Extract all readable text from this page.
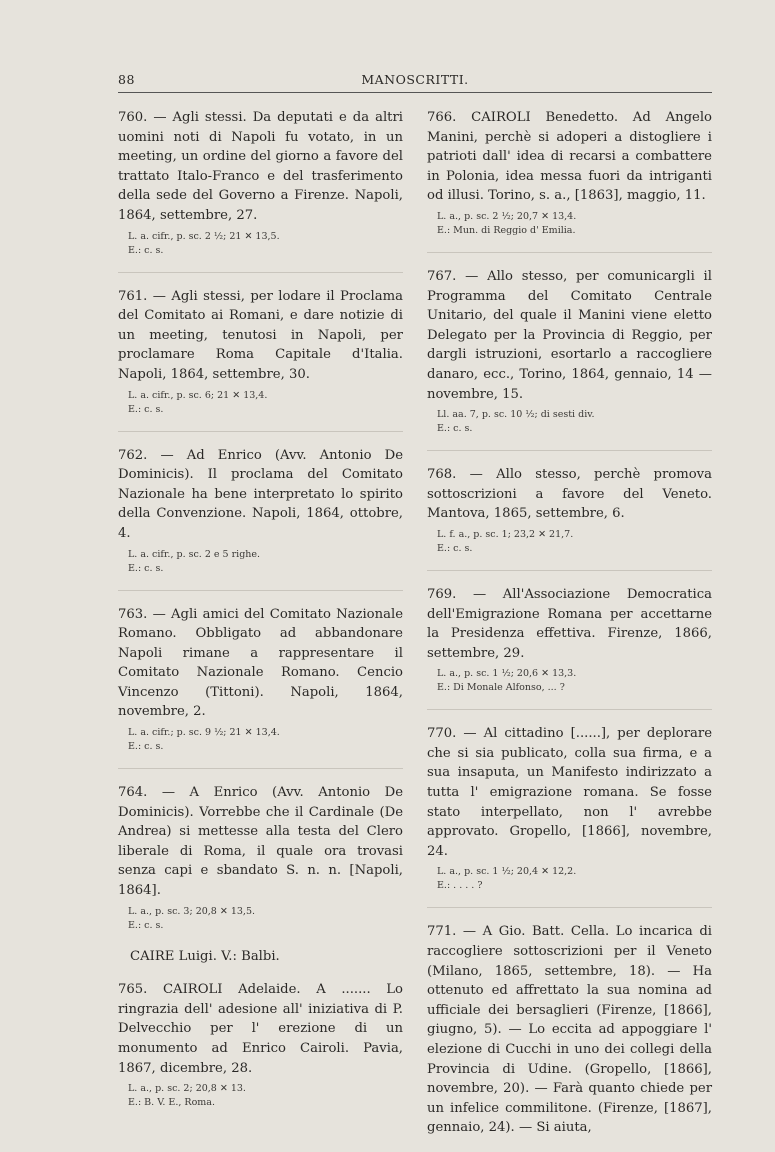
88	MANOSCRITTI.
760. — Agli stessi. Da deputati e da altri uomini noti di Napoli fu votato, in un meeting, un ordine del giorno a favore del trattato Italo-Franco e del trasferimento della sede del Governo a Firenze. Napoli, 1864, settembre, 27.
L. a. cifr., p. sc. 2 ½; 21 ✕ 13,5.
E.: c. s.
761. — Agli stessi, per lodare il Proclama del Comitato ai Romani, e dare notizie di un meeting, tenutosi in Napoli, per proclamare Roma Capitale d'Italia. Napoli, 1864, settembre, 30.
L. a. cifr., p. sc. 6; 21 ✕ 13,4.
E.: c. s.
762. — Ad Enrico (Avv. Antonio De Dominicis). Il proclama del Comitato Nazionale ha bene interpretato lo spirito della Convenzione. Napoli, 1864, ottobre, 4.
L. a. cifr., p. sc. 2 e 5 righe.
E.: c. s.
763. — Agli amici del Comitato Nazionale Romano. Obbligato ad abbandonare Napoli rimane a rappresentare il Comitato Nazionale Romano. Cencio Vincenzo (Tittoni). Napoli, 1864, novembre, 2.
L. a. cifr.; p. sc. 9 ½; 21 ✕ 13,4.
E.: c. s.
764. — A Enrico (Avv. Antonio De Dominicis). Vorrebbe che il Cardinale (De Andrea) si mettesse alla testa del Clero liberale di Roma, il quale ora trovasi senza capi e sbandato S. n. n. [Napoli, 1864].
L. a., p. sc. 3; 20,8 ✕ 13,5.
E.: c. s.
CAIRE Luigi. V.: Balbi.
765. CAIROLI Adelaide. A ....... Lo ringrazia dell' adesione all' iniziativa di P. Delvecchio per l' erezione di un monumento ad Enrico Cairoli. Pavia, 1867, dicembre, 28.
L. a., p. sc. 2; 20,8 ✕ 13.
E.: B. V. E., Roma.
766. CAIROLI Benedetto. Ad Angelo Manini, perchè si adoperi a distogliere i patrioti dall' idea di recarsi a combattere in Polonia, idea messa fuori da intriganti od illusi. Torino, s. a., [1863], maggio, 11.
L. a., p. sc. 2 ½; 20,7 ✕ 13,4.
E.: Mun. di Reggio d' Emilia.
767. — Allo stesso, per comunicargli il Programma del Comitato Centrale Unitario, del quale il Manini viene eletto Delegato per la Provincia di Reggio, per dargli istruzioni, esortarlo a raccogliere danaro, ecc., Torino, 1864, gennaio, 14 — novembre, 15.
Ll. aa. 7, p. sc. 10 ½; di sesti div.
E.: c. s.
768. — Allo stesso, perchè promova sottoscrizioni a favore del Veneto. Mantova, 1865, settembre, 6.
L. f. a., p. sc. 1; 23,2 ✕ 21,7.
E.: c. s.
769. — All'Associazione Democratica dell'Emigrazione Romana per accettarne la Presidenza effettiva. Firenze, 1866, settembre, 29.
L. a., p. sc. 1 ½; 20,6 ✕ 13,3.
E.: Di Monale Alfonso, ... ?
770. — Al cittadino [......], per deplorare che si sia publicato, colla sua firma, e a sua insaputa, un Manifesto indirizzato a tutta l' emigrazione romana. Se fosse stato interpellato, non l' avrebbe approvato. Gropello, [1866], novembre, 24.
L. a., p. sc. 1 ½; 20,4 ✕ 12,2.
E.: . . . . ?
771. — A Gio. Batt. Cella. Lo incarica di raccogliere sottoscrizioni per il Veneto (Milano, 1865, settembre, 18). — Ha ottenuto ed affrettato la sua nomina ad ufficiale dei bersaglieri (Firenze, [1866], giugno, 5). — Lo eccita ad appoggiare l' elezione di Cucchi in uno dei collegi della Provincia di Udine. (Gropello, [1866], novembre, 20). — Farà quanto chiede per un infelice commilitone. (Firenze, [1867], gennaio, 24). — Si aiuta,
